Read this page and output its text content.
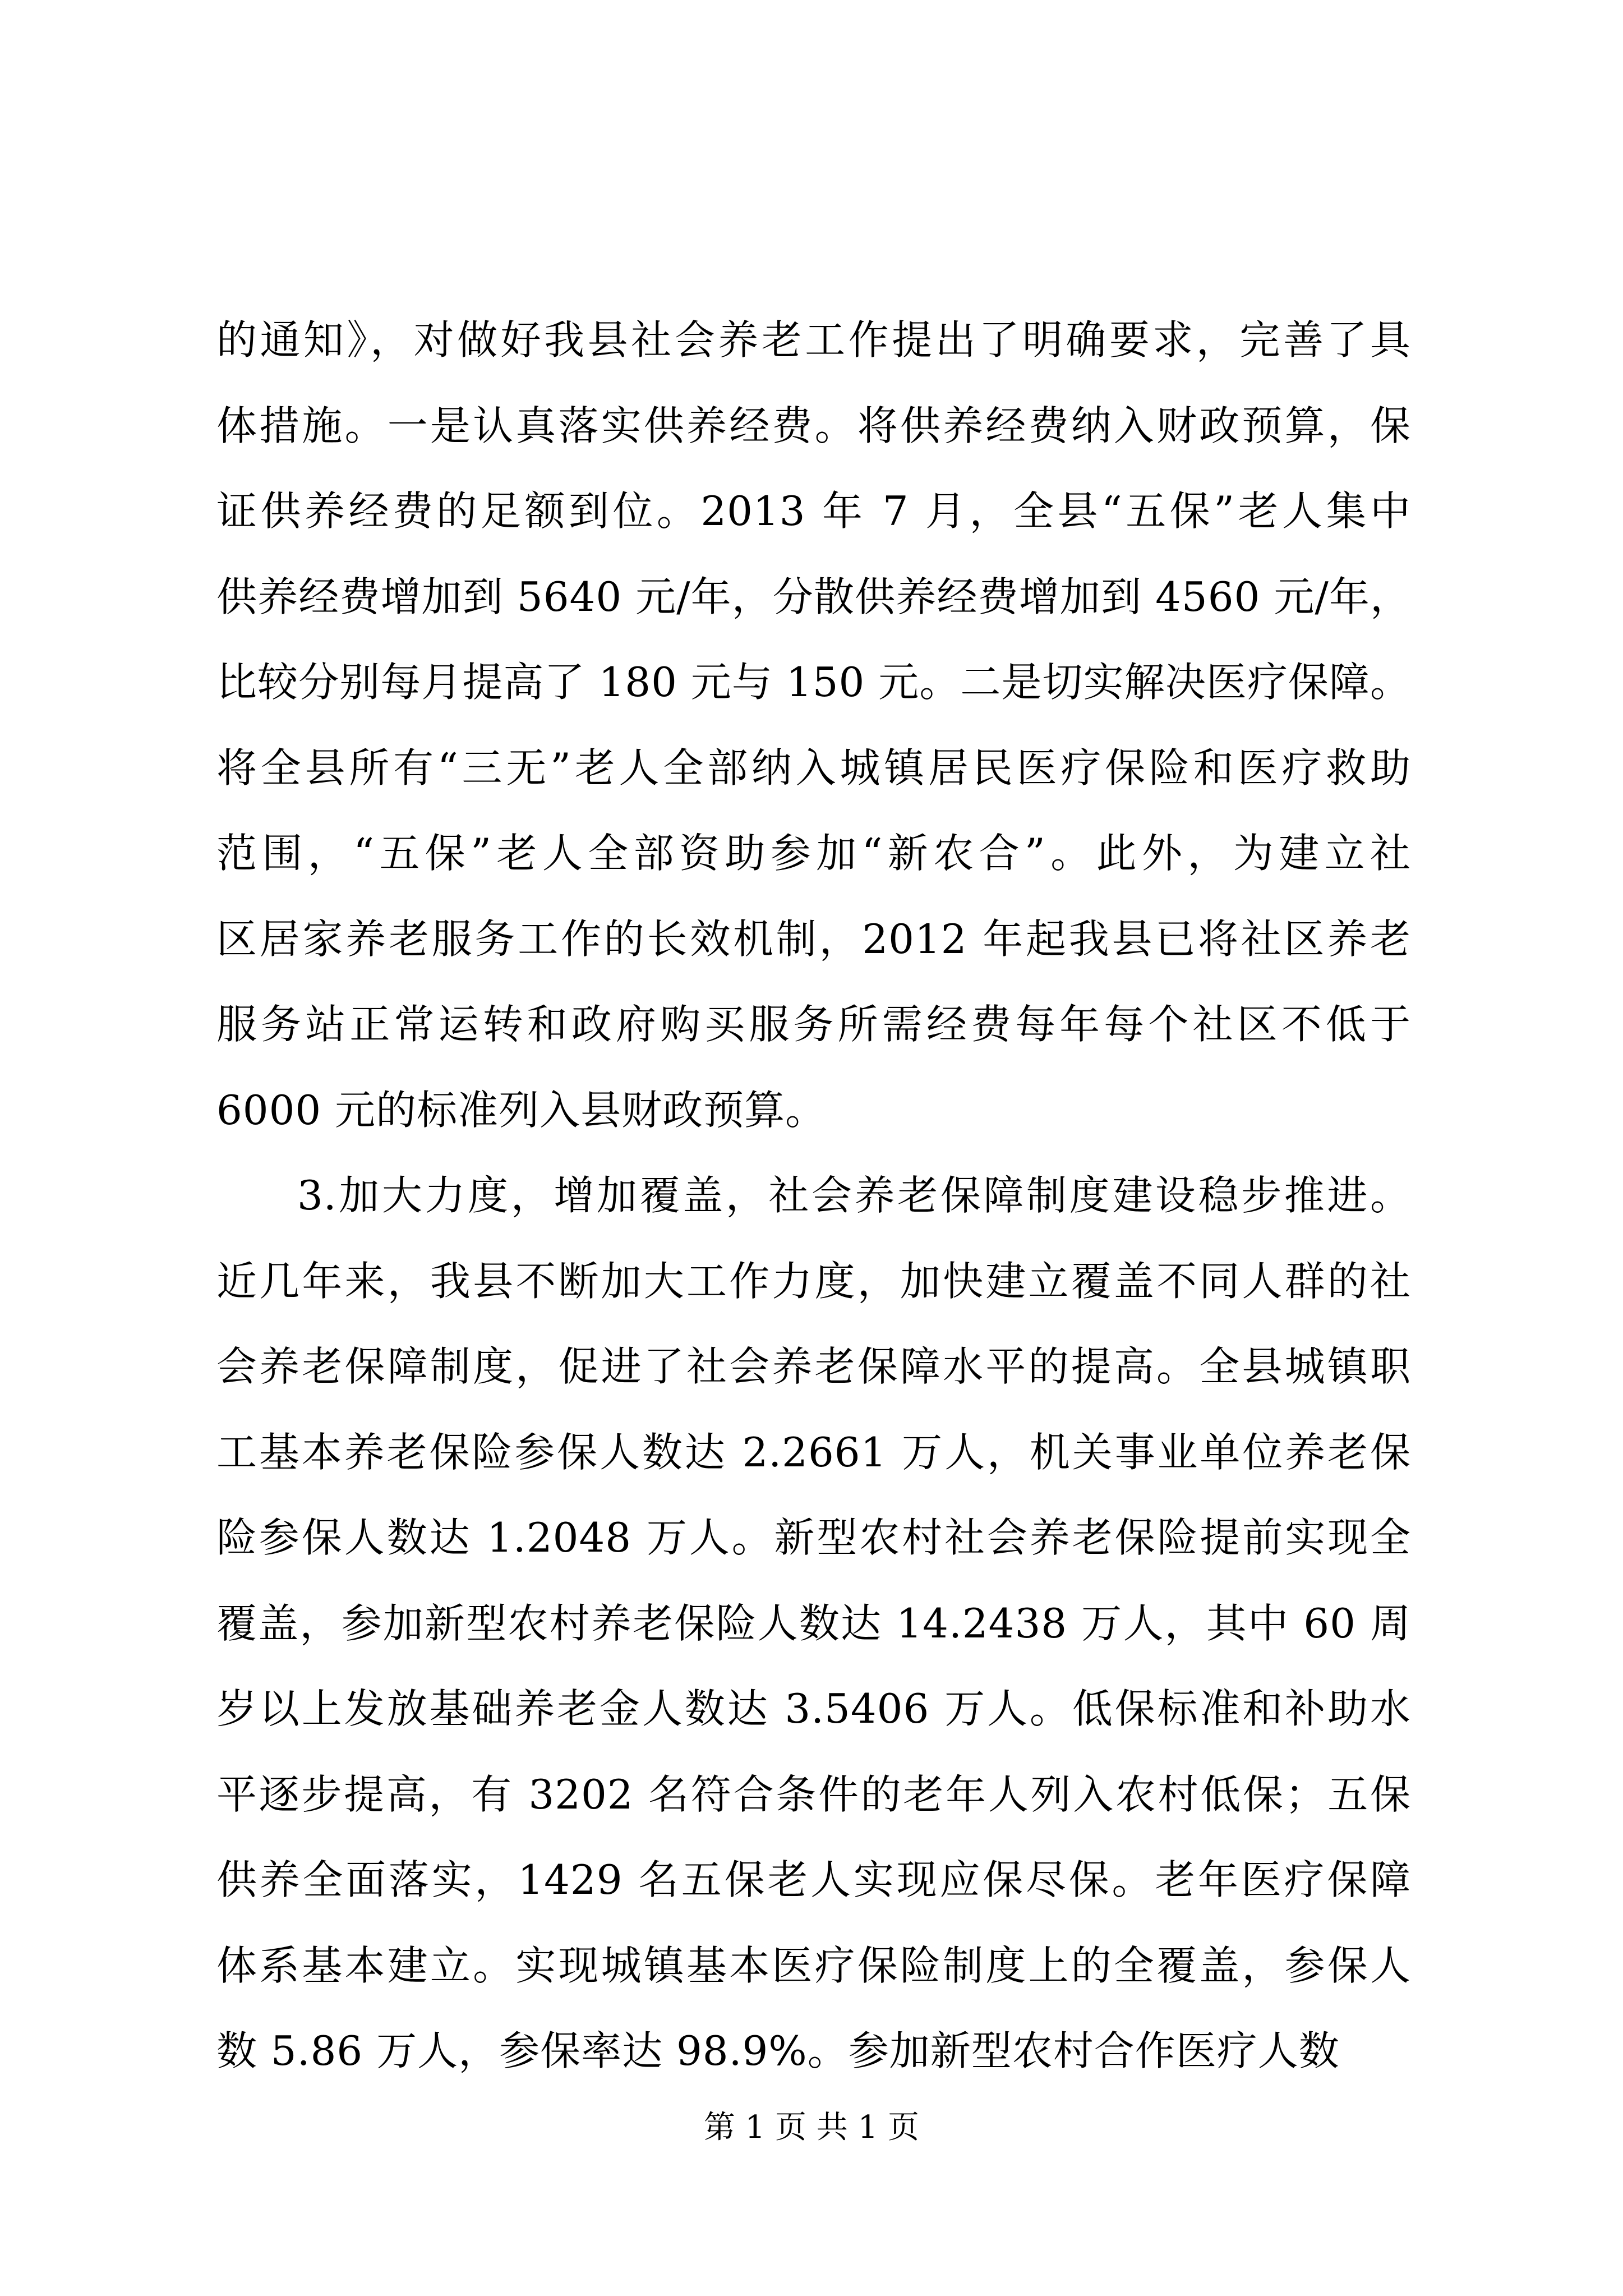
的通知》，对做好我县社会养老工作提出了明确要求，完善了具
体措施。一是认真落实供养经费。将供养经费纳入财政预算，保
证供养经费的足额到位。2013 年 7 月，全县“五保”老人集中
供养经费增加到 5640 元/年，分散供养经费增加到 4560 元/年，
比较分别每月提高了 180 元与 150 元。二是切实解决医疗保障。
将全县所有“三无”老人全部纳入城镇居民医疗保险和医疗救助
范围，“五保”老人全部资助参加“新农合”。此外，为建立社
区居家养老服务工作的长效机制，2012 年起我县已将社区养老
服务站正常运转和政府购买服务所需经费每年每个社区不低于
6000 元的标准列入县财政预算。
3.加大力度，增加覆盖，社会养老保障制度建设稳步推进。
近几年来，我县不断加大工作力度，加快建立覆盖不同人群的社
会养老保障制度，促进了社会养老保障水平的提高。全县城镇职
工基本养老保险参保人数达 2.2661 万人，机关事业单位养老保
险参保人数达 1.2048 万人。新型农村社会养老保险提前实现全
覆盖，参加新型农村养老保险人数达 14.2438 万人，其中 60 周
岁以上发放基础养老金人数达 3.5406 万人。低保标准和补助水
平逐步提高，有 3202 名符合条件的老年人列入农村低保；五保
供养全面落实，1429 名五保老人实现应保尽保。老年医疗保障
体系基本建立。实现城镇基本医疗保险制度上的全覆盖，参保人
数 5.86 万人，参保率达 98.9%。参加新型农村合作医疗人数
第 1 页 共 1 页
